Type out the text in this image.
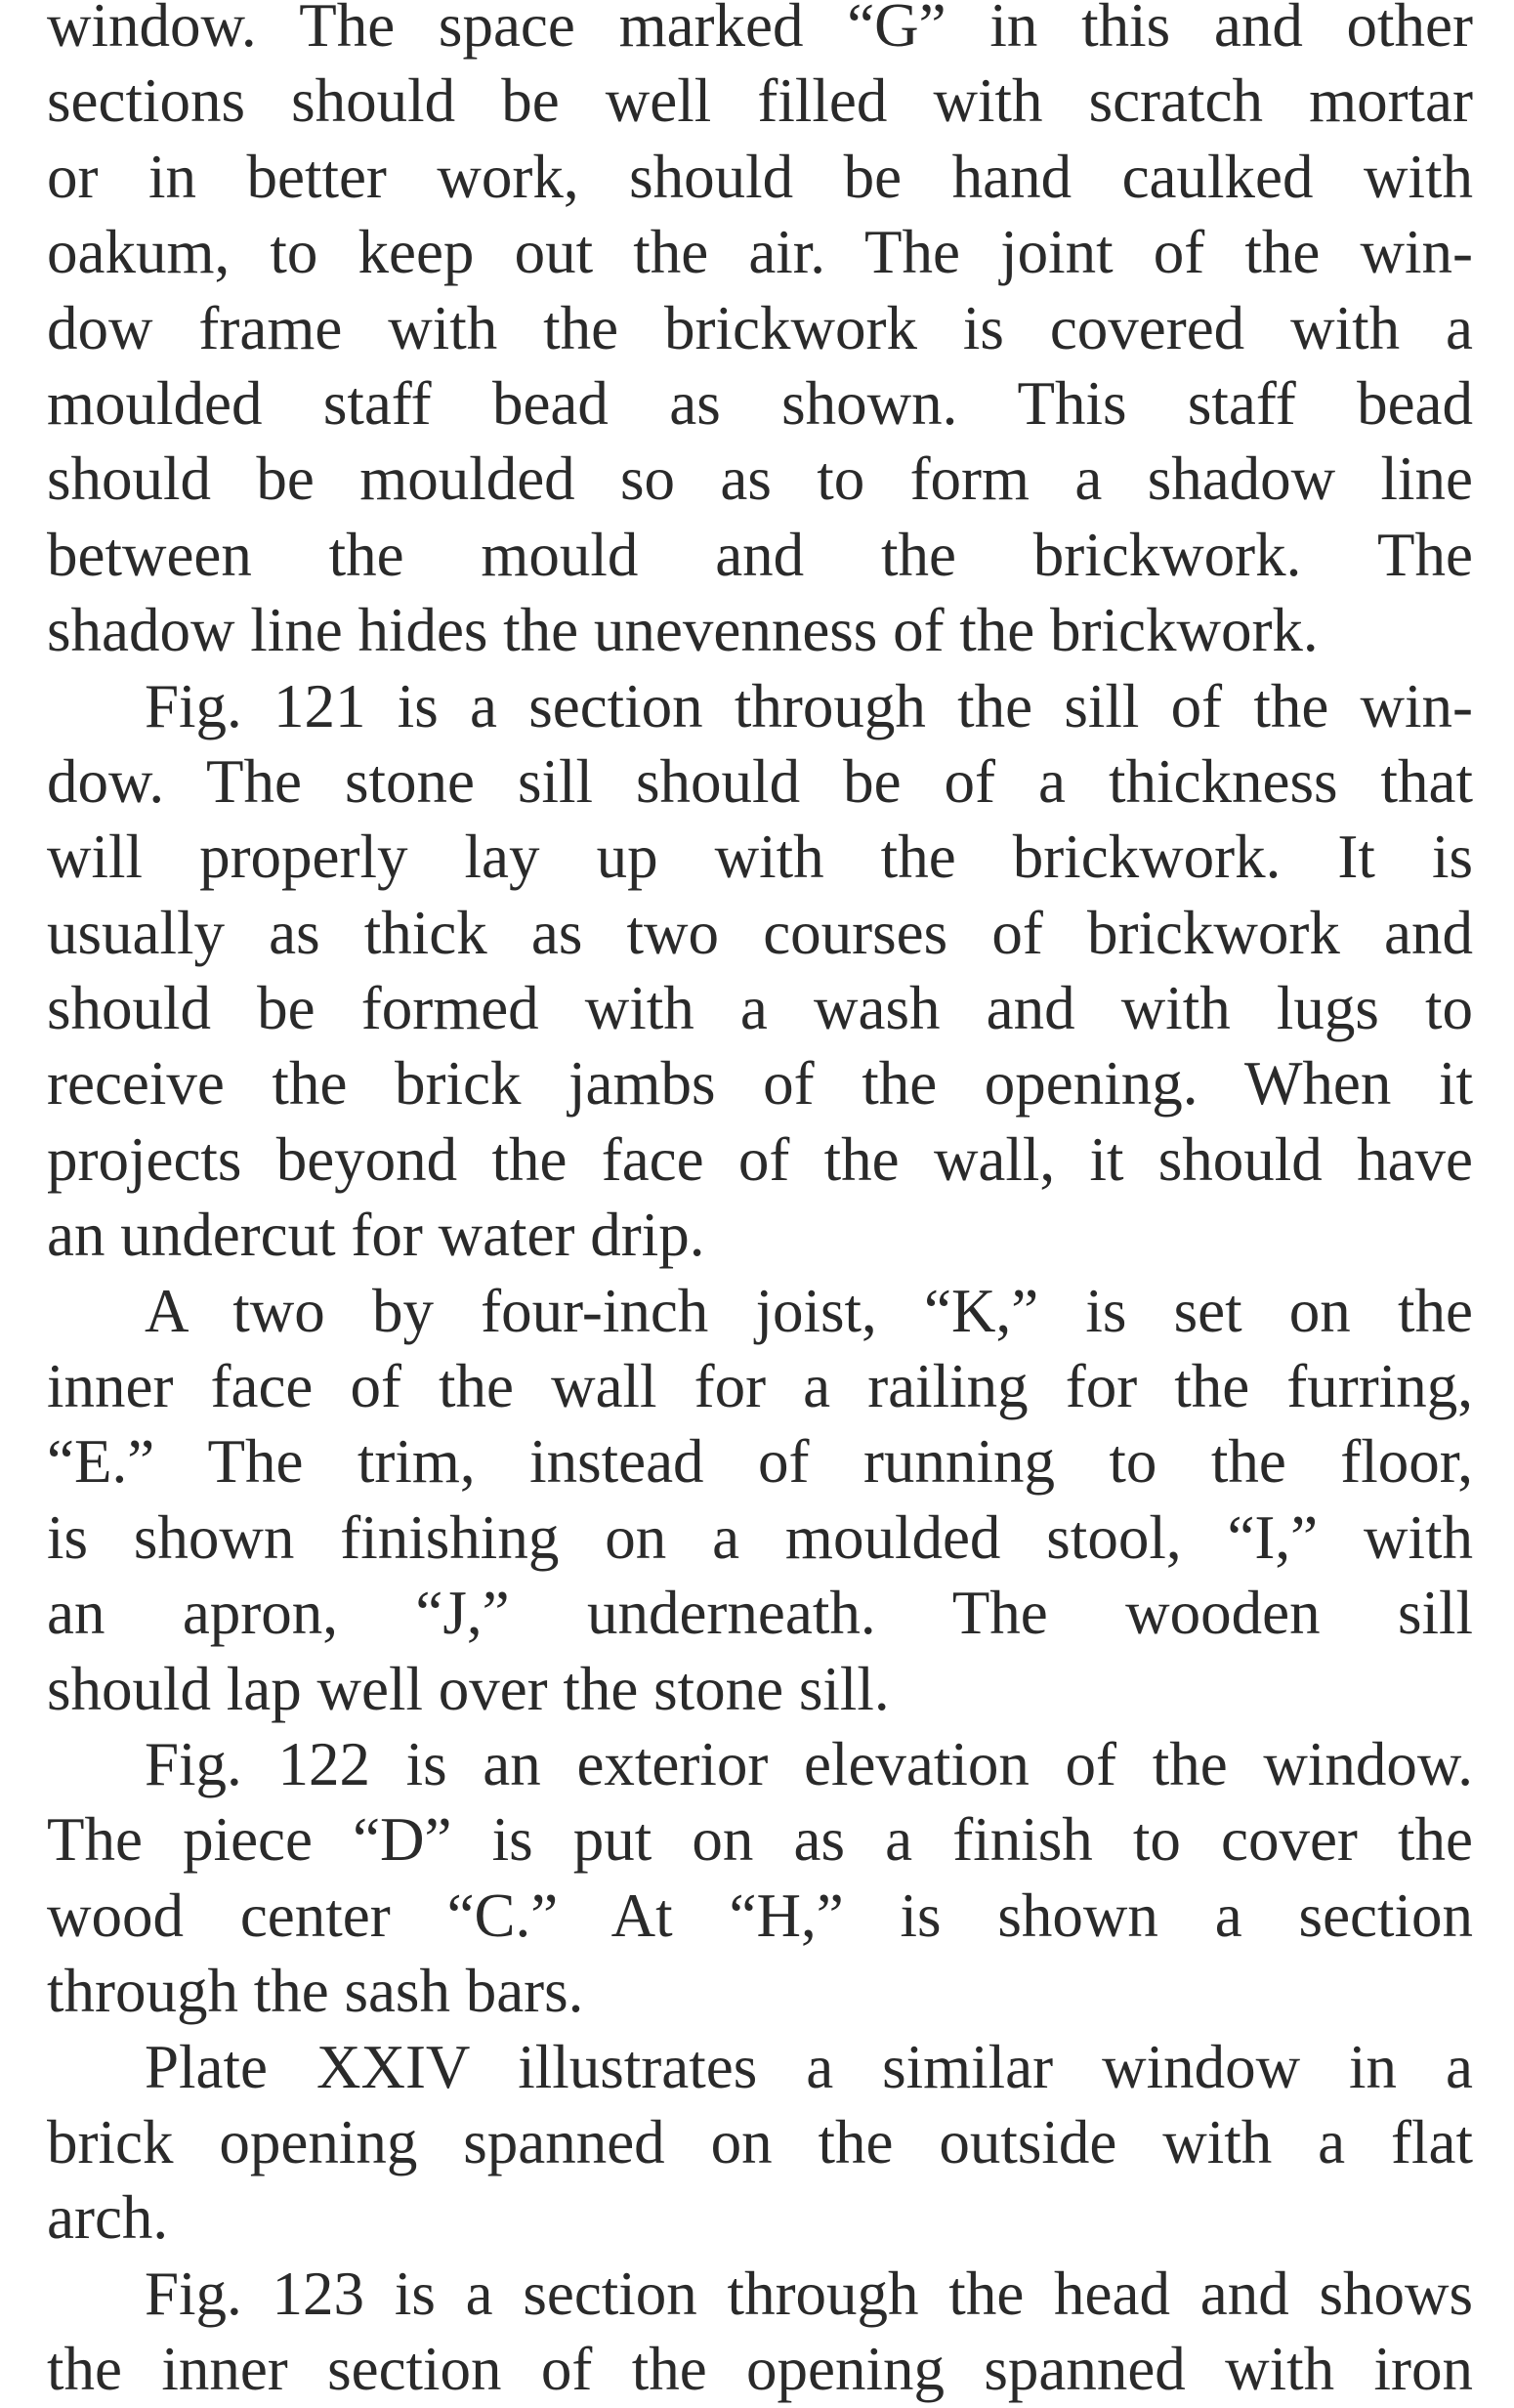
window. The space marked “G” in this and other
sections should be well filled with scratch mortar
or in better work, should be hand caulked with
oakum, to keep out the air. The joint of the win-
dow frame with the brickwork is covered with a
moulded staff bead as shown. This staff bead
should be moulded so as to form a shadow line
between the mould and the brickwork. The
shadow line hides the unevenness of the brickwork.
Fig. 121 is a section through the sill of the win-
dow. The stone sill should be of a thickness that
will properly lay up with the brickwork. It is
usually as thick as two courses of brickwork and
should be formed with a wash and with lugs to
receive the brick jambs of the opening. When it
projects beyond the face of the wall, it should have
an undercut for water drip.
A two by four-inch joist, “K,” is set on the
inner face of the wall for a railing for the furring,
“E.” The trim, instead of running to the floor,
is shown finishing on a moulded stool, “I,” with
an apron, “J,” underneath. The wooden sill
should lap well over the stone sill.
Fig. 122 is an exterior elevation of the window.
The piece “D” is put on as a finish to cover the
wood center “C.” At “H,” is shown a section
through the sash bars.
Plate XXIV illustrates a similar window in a
brick opening spanned on the outside with a flat
arch.
Fig. 123 is a section through the head and shows
the inner section of the opening spanned with iron
